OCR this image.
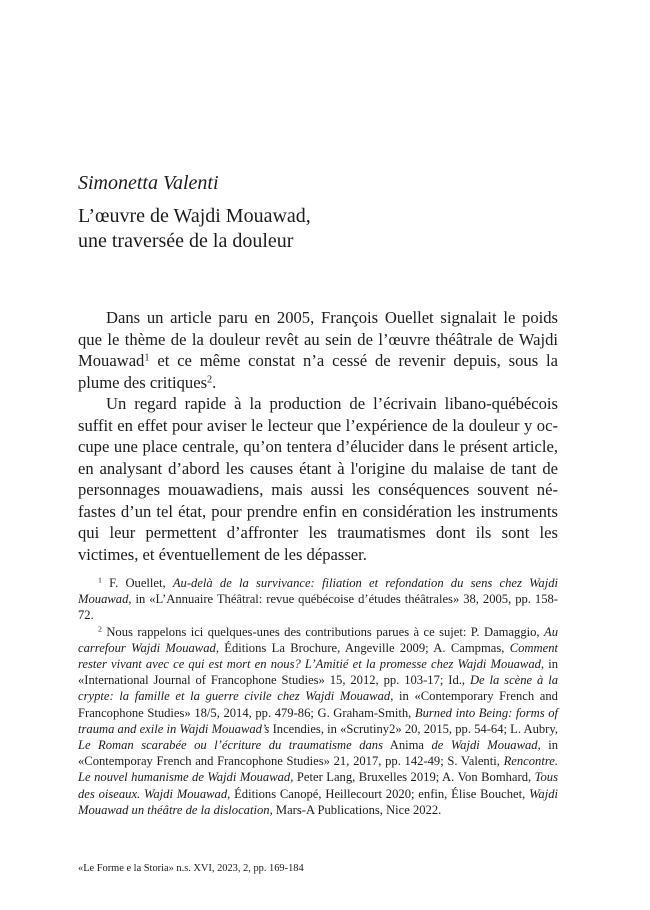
Simonetta Valenti
L’œuvre de Wajdi Mouawad,
une traversée de la douleur

Dans un article paru en 2005, François Ouellet signalait le poids que le thème de la douleur revêt au sein de l’œuvre théâtrale de Wajdi Mouawad$^1$ et ce même constat n’a cessé de revenir depuis, sous la plume des critiques$^2$.

Un regard rapide à la production de l’écrivain libano-québécois suffit en effet pour aviser le lecteur que l’expérience de la douleur y occupe une place centrale, qu’on tentera d’élucider dans le présent article, en analysant d’abord les causes étant à l'origine du malaise de tant de personnages mouawadiens, mais aussi les conséquences souvent néfastes d’un tel état, pour prendre enfin en considération les instruments qui leur permettent d’affronter les traumatismes dont ils sont les victimes, et éventuellement de les dépasser.

$^1$ F. Ouellet, Au-delà de la survivance: filiation et refondation du sens chez Wajdi Mouawad, in «L’Annuaire Théâtral: revue québécoise d’études théâtrales» 38, 2005, pp. 158-72.

$^2$ Nous rappelons ici quelques-unes des contributions parues à ce sujet: P. Damaggio, Au carrefour Wajdi Mouawad, Éditions La Brochure, Angeville 2009; A. Campmas, Comment rester vivant avec ce qui est mort en nous? L’Amitié et la promesse chez Wajdi Mouawad, in «International Journal of Francophone Studies» 15, 2012, pp. 103-17; Id., De la scène à la crypte: la famille et la guerre civile chez Wajdi Mouawad, in «Contemporary French and Francophone Studies» 18/5, 2014, pp. 479-86; G. Graham-Smith, Burned into Being: forms of trauma and exile in Wajdi Mouawad’s Incendies, in «Scrutiny2» 20, 2015, pp. 54-64; L. Aubry, Le Roman scarabée ou l’écriture du traumatisme dans Anima de Wajdi Mouawad, in «Contemporay French and Francophone Studies» 21, 2017, pp. 142-49; S. Valenti, Rencontre. Le nouvel humanisme de Wajdi Mouawad, Peter Lang, Bruxelles 2019; A. Von Bomhard, Tous des oiseaux. Wajdi Mouawad, Éditions Canopé, Heillecourt 2020; enfin, Élise Bouchet, Wajdi Mouawad un théâtre de la dislocation, Mars-A Publications, Nice 2022.

«Le Forme e la Storia» n.s. XVI, 2023, 2, pp. 169-184
